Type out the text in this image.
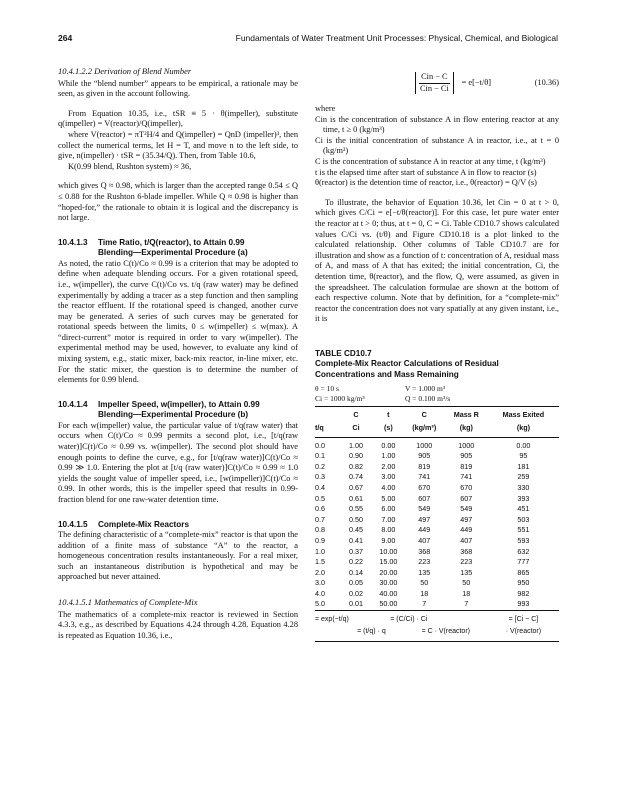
264	Fundamentals of Water Treatment Unit Processes: Physical, Chemical, and Biological
10.4.1.2.2 Derivation of Blend Number

While the “blend number” appears to be empirical, a rationale may be seen, as given in the account following.

From Equation 10.35, i.e., tSR ≡ 5 · θ(impeller), substitute q(impeller) = V(reactor)/Q(impeller),

where V(reactor) = πT²H/4 and Q(impeller) = QnD (impeller)³, then collect the numerical terms, let H = T, and move n to the left side, to give, n(impeller) · tSR = (35.34/Q). Then, from Table 10.6,

K(0.99 blend, Rushton system) ≈ 36,

which gives Q ≈ 0.98, which is larger than the accepted range 0.54 ≤ Q ≤ 0.88 for the Rushton 6-blade impeller. While Q ≈ 0.98 is higher than “hoped-for,” the rationale to obtain it is logical and the discrepancy is not large.

10.4.1.3 Time Ratio, t/Q(reactor), to Attain 0.99
Blending—Experimental Procedure (a)

As noted, the ratio C(t)/Co ≈ 0.99 is a criterion that may be adopted to define when adequate blending occurs. For a given rotational speed, i.e., w(impeller), the curve C(t)/Co vs. t/q (raw water) may be defined experimentally by adding a tracer as a step function and then sampling the reactor effluent. If the rotational speed is changed, another curve may be generated. A series of such curves may be generated for rotational speeds between the limits, 0 ≤ w(impeller) ≤ w(max). A “direct-current” motor is required in order to vary w(impeller). The experimental method may be used, however, to evaluate any kind of mixing system, e.g., static mixer, back-mix reactor, in-line mixer, etc. For the static mixer, the question is to determine the number of elements for 0.99 blend.

10.4.1.4 Impeller Speed, w(impeller), to Attain 0.99
Blending—Experimental Procedure (b)

For each w(impeller) value, the particular value of t/q(raw water) that occurs when C(t)/Co ≈ 0.99 permits a second plot, i.e., [t/q(raw water)]C(t)/Co ≈ 0.99 vs. w(impeller). The second plot should have enough points to define the curve, e.g., for [t/q(raw water)]C(t)/Co ≈ 0.99 ≫ 1.0. Entering the plot at [t/q (raw water)]C(t)/Co ≈ 0.99 ≈ 1.0 yields the sought value of impeller speed, i.e., [w(impeller)]C(t)/Co ≈ 0.99. In other words, this is the impeller speed that results in 0.99-fraction blend for one raw-water detention time.

10.4.1.5 Complete-Mix Reactors

The defining characteristic of a “complete-mix” reactor is that upon the addition of a finite mass of substance “A” to the reactor, a homogeneous concentration results instantaneously. For a real mixer, such an instantaneous distribution is hypothetical and may be approached but never attained.

10.4.1.5.1 Mathematics of Complete-Mix

The mathematics of a complete-mix reactor is reviewed in Section 4.3.3, e.g., as described by Equations 4.24 through 4.28. Equation 4.28 is repeated as Equation 10.36, i.e.,

$\frac{\text{Cin − C}}{\text{Cin − Ci}} = e[-t/\theta]$	(10.36)

where

Cin is the concentration of substance A in flow entering reactor at any time, t ≥ 0 (kg/m³)

Ci is the initial concentration of substance A in reactor, i.e., at t = 0 (kg/m³)

C is the concentration of substance A in reactor at any time, t (kg/m³)

t is the elapsed time after start of substance A in flow to reactor (s)

θ(reactor) is the detention time of reactor, i.e., θ(reactor) = Q/V (s)

To illustrate, the behavior of Equation 10.36, let Cin = 0 at t > 0, which gives C/Ci = e[−t/θ(reactor)]. For this case, let pure water enter the reactor at t > 0; thus, at t = 0, C = Ci. Table CD10.7 shows calculated values C/Ci vs. (t/θ) and Figure CD10.18 is a plot linked to the calculated relationship. Other columns of Table CD10.7 are for illustration and show as a function of t: concentration of A, residual mass of A, and mass of A that has exited; the initial concentration, Ci, the detention time, θ(reactor), and the flow, Q, were assumed, as given in the spreadsheet. The calculation formulae are shown at the bottom of each respective column. Note that by definition, for a “complete-mix” reactor the concentration does not vary spatially at any given instant, i.e., it is

TABLE CD10.7
Complete-Mix Reactor Calculations of Residual Concentrations and Mass Remaining
θ = 10 s	V = 1.000 m³
Ci = 1000 kg/m³	Q = 0.100 m³/s
	C	t	C	Mass R	Mass Exited
t/q	Ci	(s)	(kg/m³)	(kg)	(kg)
0.0	1.00	0.00	1000	1000	0.00
0.1	0.90	1.00	905	905	95
0.2	0.82	2.00	819	819	181
0.3	0.74	3.00	741	741	259
0.4	0.67	4.00	670	670	330
0.5	0.61	5.00	607	607	393
0.6	0.55	6.00	549	549	451
0.7	0.50	7.00	497	497	503
0.8	0.45	8.00	449	449	551
0.9	0.41	9.00	407	407	593
1.0	0.37	10.00	368	368	632
1.5	0.22	15.00	223	223	777
2.0	0.14	20.00	135	135	865
3.0	0.05	30.00	50	50	950
4.0	0.02	40.00	18	18	982
5.0	0.01	50.00	7	7	993
= exp(−t/q)		= (C/Ci) · Ci			= [Ci − C]
	= (t/q) · q		= C · V(reactor)		· V(reactor)
